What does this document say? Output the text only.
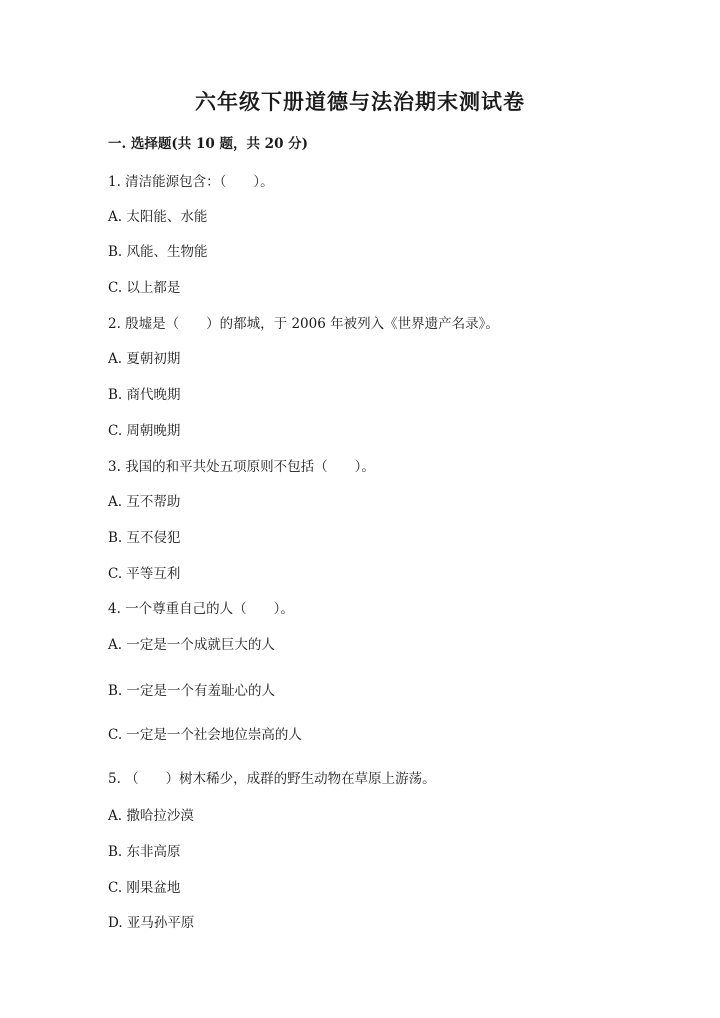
六年级下册道德与法治期末测试卷
一. 选择题(共 10 题，共 20 分)
1. 清洁能源包含：（　　）。
A. 太阳能、水能
B. 风能、生物能
C. 以上都是
2. 殷墟是（　　）的都城，于 2006 年被列入《世界遗产名录》。
A. 夏朝初期
B. 商代晚期
C. 周朝晚期
3. 我国的和平共处五项原则不包括（　　）。
A. 互不帮助
B. 互不侵犯
C. 平等互利
4. 一个尊重自己的人（　　）。
A. 一定是一个成就巨大的人
B. 一定是一个有羞耻心的人
C. 一定是一个社会地位崇高的人
5. （　　）树木稀少，成群的野生动物在草原上游荡。
A. 撒哈拉沙漠
B. 东非高原
C. 刚果盆地
D. 亚马孙平原
